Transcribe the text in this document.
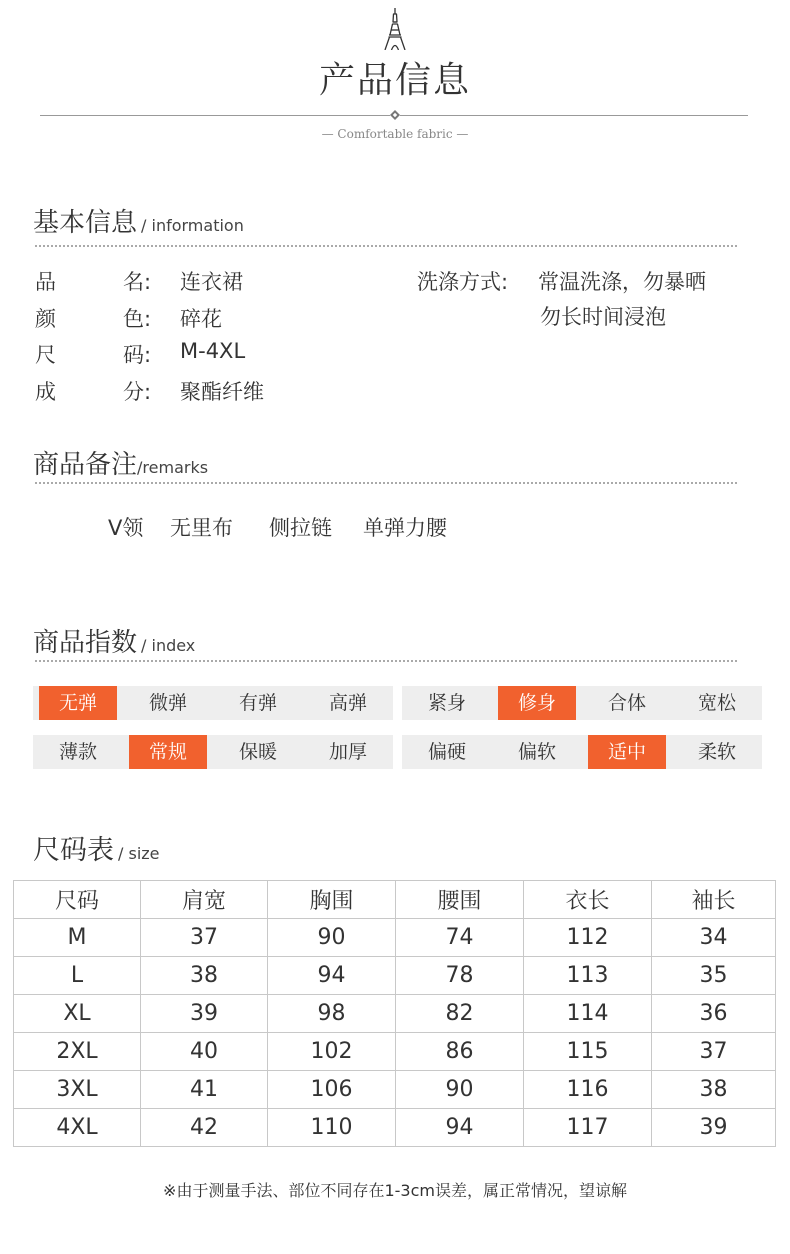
产品信息
— Comfortable fabric —
基本信息 / information
品	名: 连衣裙
颜	色: 碎花
尺	码: M-4XL
成	分: 聚酯纤维
洗涤方式: 常温洗涤，勿暴晒
勿长时间浸泡
商品备注/remarks
V领 无里布 侧拉链 单弹力腰
商品指数 / index
无弹	微弹	有弹	高弹	紧身	修身	合体	宽松
薄款	常规	保暖	加厚	偏硬	偏软	适中	柔软
尺码表 / size
尺码	肩宽	胸围	腰围	衣长	袖长
M	37	90	74	112	34
L	38	94	78	113	35
XL	39	98	82	114	36
2XL	40	102	86	115	37
3XL	41	106	90	116	38
4XL	42	110	94	117	39
※由于测量手法、部位不同存在1-3cm误差，属正常情况，望谅解
